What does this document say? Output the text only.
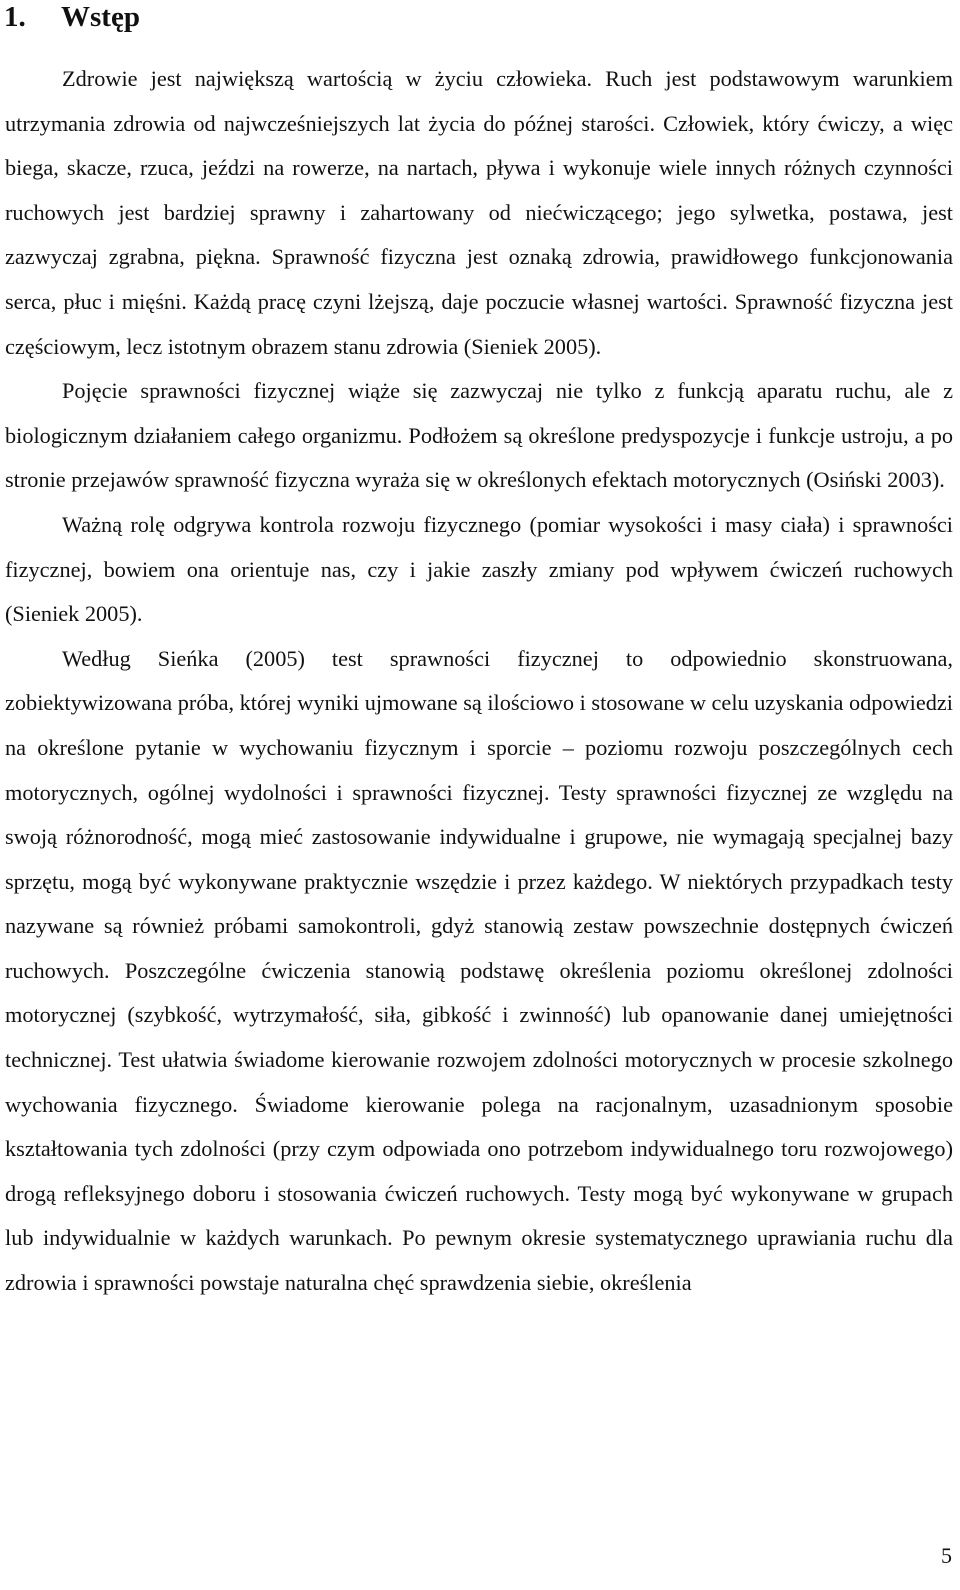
1. Wstęp

Zdrowie jest największą wartością w życiu człowieka. Ruch jest podstawowym warunkiem utrzymania zdrowia od najwcześniejszych lat życia do późnej starości. Człowiek, który ćwiczy, a więc biega, skacze, rzuca, jeździ na rowerze, na nartach, pływa i wykonuje wiele innych różnych czynności ruchowych jest bardziej sprawny i zahartowany od niećwiczącego; jego sylwetka, postawa, jest zazwyczaj zgrabna, piękna. Sprawność fizyczna jest oznaką zdrowia, prawidłowego funkcjonowania serca, płuc i mięśni. Każdą pracę czyni lżejszą, daje poczucie własnej wartości. Sprawność fizyczna jest częściowym, lecz istotnym obrazem stanu zdrowia (Sieniek 2005).

Pojęcie sprawności fizycznej wiąże się zazwyczaj nie tylko z funkcją aparatu ruchu, ale z biologicznym działaniem całego organizmu. Podłożem są określone predyspozycje i funkcje ustroju, a po stronie przejawów sprawność fizyczna wyraża się w określonych efektach motorycznych (Osiński 2003).

Ważną rolę odgrywa kontrola rozwoju fizycznego (pomiar wysokości i masy ciała) i sprawności fizycznej, bowiem ona orientuje nas, czy i jakie zaszły zmiany pod wpływem ćwiczeń ruchowych (Sieniek 2005).

Według Sieńka (2005) test sprawności fizycznej to odpowiednio skonstruowana, zobiektywizowana próba, której wyniki ujmowane są ilościowo i stosowane w celu uzyskania odpowiedzi na określone pytanie w wychowaniu fizycznym i sporcie – poziomu rozwoju poszczególnych cech motorycznych, ogólnej wydolności i sprawności fizycznej. Testy sprawności fizycznej ze względu na swoją różnorodność, mogą mieć zastosowanie indywidualne i grupowe, nie wymagają specjalnej bazy sprzętu, mogą być wykonywane praktycznie wszędzie i przez każdego. W niektórych przypadkach testy nazywane są również próbami samokontroli, gdyż stanowią zestaw powszechnie dostępnych ćwiczeń ruchowych. Poszczególne ćwiczenia stanowią podstawę określenia poziomu określonej zdolności motorycznej (szybkość, wytrzymałość, siła, gibkość i zwinność) lub opanowanie danej umiejętności technicznej. Test ułatwia świadome kierowanie rozwojem zdolności motorycznych w procesie szkolnego wychowania fizycznego. Świadome kierowanie polega na racjonalnym, uzasadnionym sposobie kształtowania tych zdolności (przy czym odpowiada ono potrzebom indywidualnego toru rozwojowego) drogą refleksyjnego doboru i stosowania ćwiczeń ruchowych. Testy mogą być wykonywane w grupach lub indywidualnie w każdych warunkach. Po pewnym okresie systematycznego uprawiania ruchu dla zdrowia i sprawności powstaje naturalna chęć sprawdzenia siebie, określenia

5
